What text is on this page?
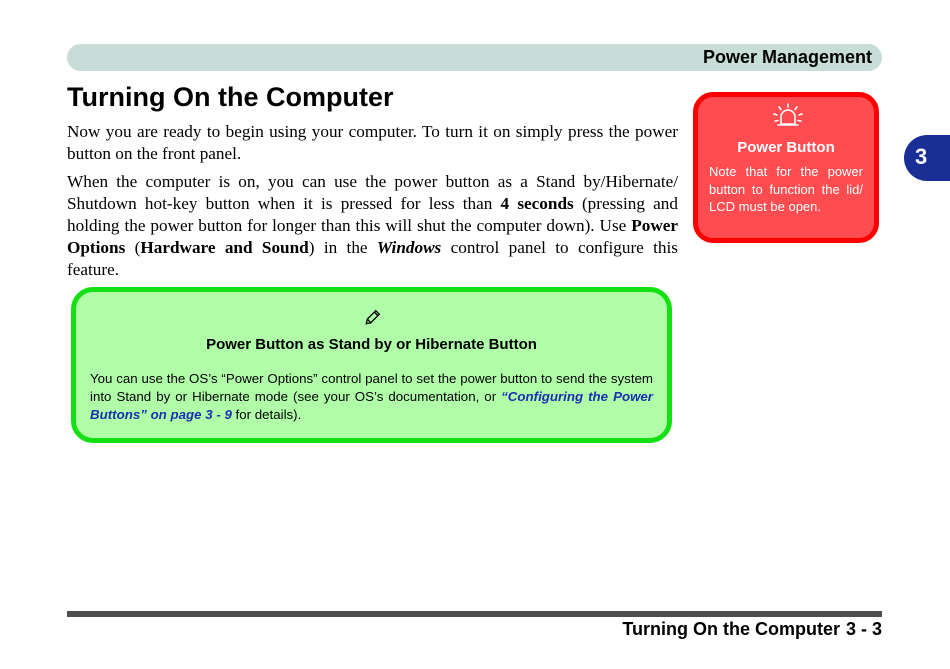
Power Management
3
Turning On the Computer

Now you are ready to begin using your computer. To turn it on simply press the power button on the front panel.

When the computer is on, you can use the power button as a Stand by/Hibernate/ Shutdown hot-key button when it is pressed for less than 4 seconds (pressing and holding the power button for longer than this will shut the computer down). Use Power Options (Hardware and Sound) in the Windows control panel to configure this feature.

Power Button as Stand by or Hibernate Button
You can use the OS’s “Power Options” control panel to set the power button to send the system into Stand by or Hibernate mode (see your OS’s documentation, or “Configuring the Power Buttons” on page 3 - 9 for details).
Power Button
Note that for the power button to function the lid/ LCD must be open.
Turning On the Computer 3 - 3
